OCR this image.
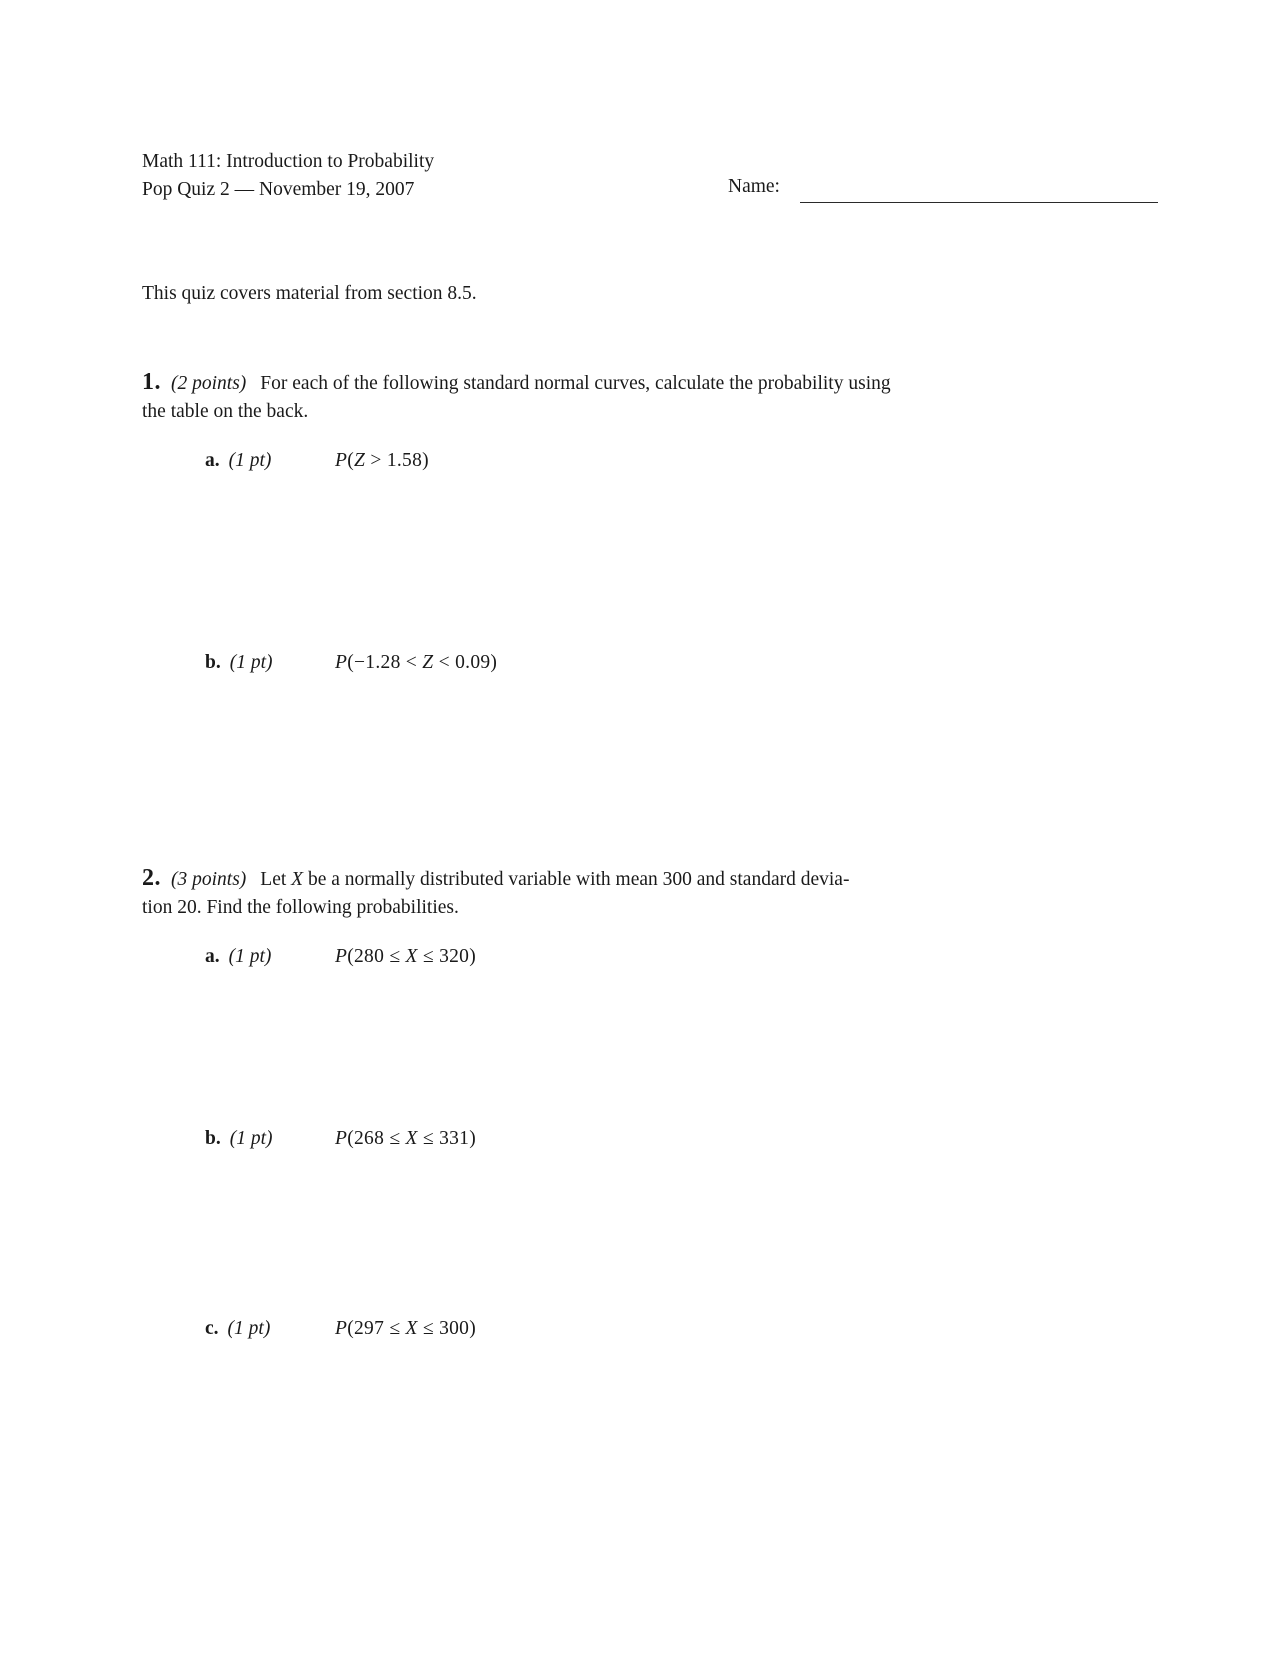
Math 111: Introduction to Probability
Pop Quiz 2 — November 19, 2007	Name:
This quiz covers material from section 8.5.
1. (2 points) For each of the following standard normal curves, calculate the probability using
the table on the back.
a. (1 pt)	P(Z > 1.58)
b. (1 pt)	P(−1.28 < Z < 0.09)
2. (3 points) Let X be a normally distributed variable with mean 300 and standard devia-
tion 20. Find the following probabilities.
a. (1 pt)	P(280 ≤ X ≤ 320)
b. (1 pt)	P(268 ≤ X ≤ 331)
c. (1 pt)	P(297 ≤ X ≤ 300)
